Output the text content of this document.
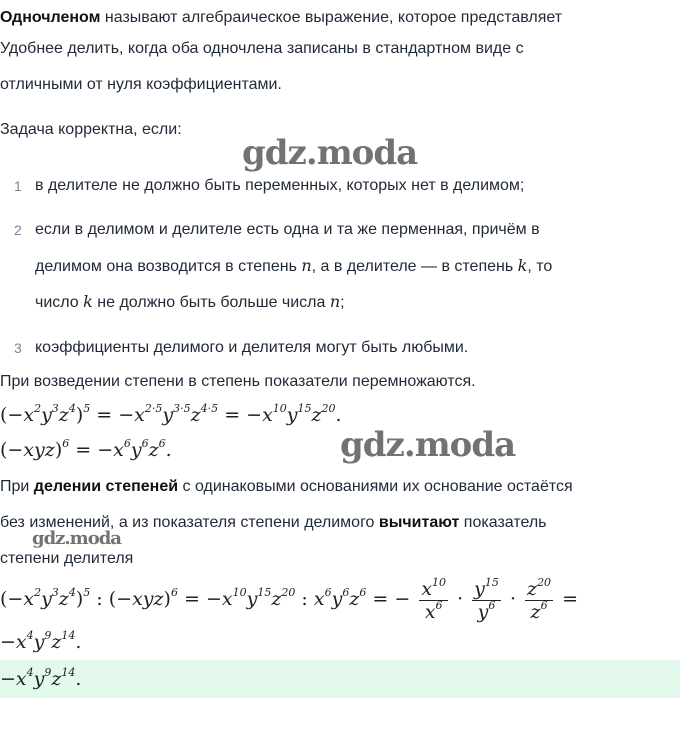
Одночленом называют алгебраическое выражение, которое представляет
Удобнее делить, когда оба одночлена записаны в стандартном виде с
отличными от нуля коэффициентами.
Задача корректна, если:
gdz.moda
1 в делителе не должно быть переменных, которых нет в делимом;
2 если в делимом и делителе есть одна и та же перменная, причём в
делимом она возводится в степень n, а в делителе — в степень k, то
число k не должно быть больше числа n;
3 коэффициенты делимого и делителя могут быть любыми.
При возведении степени в степень показатели перемножаются.
$(-x^2y^3z^4)^5 = -x^{2\cdot 5}y^{3\cdot 5}z^{4\cdot 5} = -x^{10}y^{15}z^{20}$.
$(-xyz)^6 = -x^6y^6z^6$.	gdz.moda
При делении степеней с одинаковыми основаниями их основание остаётся
без изменений, а из показателя степени делимого вычитают показатель
степени делителя
gdz.moda
$(-x^2y^3z^4)^5$ : $(-xyz)^6 = -x^{10}y^{15}z^{20}$ : $x^6y^6z^6$ = − $\frac{x^{10}}{x^6} \cdot \frac{y^{15}}{y^6} \cdot \frac{z^{20}}{z^6}$ =
$-x^4y^9z^{14}$.
$-x^4y^9z^{14}$.
